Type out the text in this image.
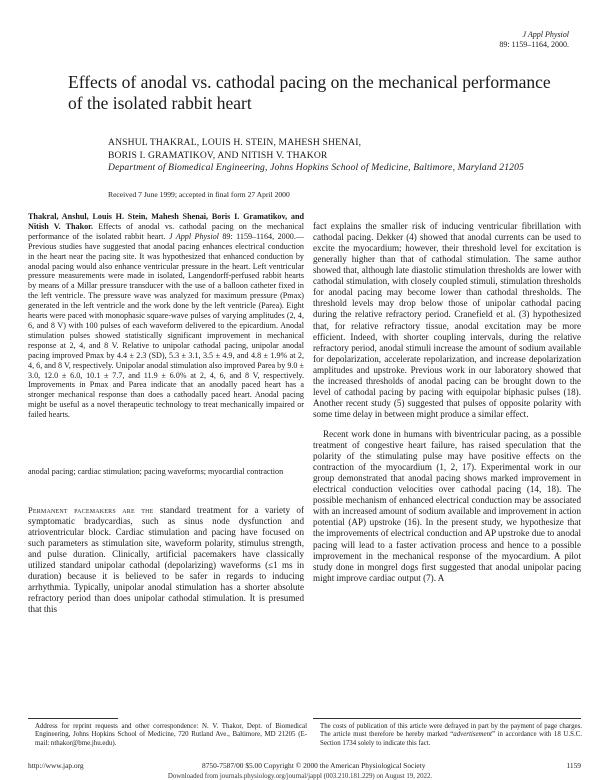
J Appl Physiol
89: 1159–1164, 2000.
Effects of anodal vs. cathodal pacing on the mechanical performance of the isolated rabbit heart
ANSHUL THAKRAL, LOUIS H. STEIN, MAHESH SHENAI,
BORIS I. GRAMATIKOV, AND NITISH V. THAKOR
Department of Biomedical Engineering, Johns Hopkins School of Medicine, Baltimore, Maryland 21205
Received 7 June 1999; accepted in final form 27 April 2000

Thakral, Anshul, Louis H. Stein, Mahesh Shenai, Boris I. Gramatikov, and Nitish V. Thakor. Effects of anodal vs. cathodal pacing on the mechanical performance of the isolated rabbit heart. J Appl Physiol 89: 1159–1164, 2000.—Previous studies have suggested that anodal pacing enhances electrical conduction in the heart near the pacing site. It was hypothesized that enhanced conduction by anodal pacing would also enhance ventricular pressure in the heart. Left ventricular pressure measurements were made in isolated, Langendorff-perfused rabbit hearts by means of a Millar pressure transducer with the use of a balloon catheter fixed in the left ventricle. The pressure wave was analyzed for maximum pressure (Pmax) generated in the left ventricle and the work done by the left ventricle (Parea). Eight hearts were paced with monophasic square-wave pulses of varying amplitudes (2, 4, 6, and 8 V) with 100 pulses of each waveform delivered to the epicardium. Anodal stimulation pulses showed statistically significant improvement in mechanical response at 2, 4, and 8 V. Relative to unipolar cathodal pacing, unipolar anodal pacing improved Pmax by 4.4 ± 2.3 (SD), 5.3 ± 3.1, 3.5 ± 4.9, and 4.8 ± 1.9% at 2, 4, 6, and 8 V, respectively. Unipolar anodal stimulation also improved Parea by 9.0 ± 3.0, 12.0 ± 6.0, 10.1 ± 7.7, and 11.9 ± 6.0% at 2, 4, 6, and 8 V, respectively. Improvements in Pmax and Parea indicate that an anodally paced heart has a stronger mechanical response than does a cathodally paced heart. Anodal pacing might be useful as a novel therapeutic technology to treat mechanically impaired or failed hearts.

anodal pacing; cardiac stimulation; pacing waveforms; myocardial contraction
Permanent pacemakers are the standard treatment for a variety of symptomatic bradycardias, such as sinus node dysfunction and atrioventricular block. Cardiac stimulation and pacing have focused on such parameters as stimulation site, waveform polarity, stimulus strength, and pulse duration. Clinically, artificial pacemakers have classically utilized standard unipolar cathodal (depolarizing) waveforms (≤1 ms in duration) because it is believed to be safer in regards to inducing arrhythmia. Typically, unipolar anodal stimulation has a shorter absolute refractory period than does unipolar cathodal stimulation. It is presumed that this

fact explains the smaller risk of inducing ventricular fibrillation with cathodal pacing. Dekker (4) showed that anodal currents can be used to excite the myocardium; however, their threshold level for excitation is generally higher than that of cathodal stimulation. The same author showed that, although late diastolic stimulation thresholds are lower with cathodal stimulation, with closely coupled stimuli, stimulation thresholds for anodal pacing may become lower than cathodal thresholds. The threshold levels may drop below those of unipolar cathodal pacing during the relative refractory period. Cranefield et al. (3) hypothesized that, for relative refractory tissue, anodal excitation may be more efficient. Indeed, with shorter coupling intervals, during the relative refractory period, anodal stimuli increase the amount of sodium available for depolarization, accelerate repolarization, and increase depolarization amplitudes and upstroke. Previous work in our laboratory showed that the increased thresholds of anodal pacing can be brought down to the level of cathodal pacing by pacing with equipolar biphasic pulses (18). Another recent study (5) suggested that pulses of opposite polarity with some time delay in between might produce a similar effect.

Recent work done in humans with biventricular pacing, as a possible treatment of congestive heart failure, has raised speculation that the polarity of the stimulating pulse may have positive effects on the contraction of the myocardium (1, 2, 17). Experimental work in our group demonstrated that anodal pacing shows marked improvement in electrical conduction velocities over cathodal pacing (14, 18). The possible mechanism of enhanced electrical conduction may be associated with an increased amount of sodium available and improvement in action potential (AP) upstroke (16). In the present study, we hypothesize that the improvements of electrical conduction and AP upstroke due to anodal pacing will lead to a faster activation process and hence to a possible improvement in the mechanical response of the myocardium. A pilot study done in mongrel dogs first suggested that anodal unipolar pacing might improve cardiac output (7). A

Address for reprint requests and other correspondence: N. V. Thakor, Dept. of Biomedical Engineering, Johns Hopkins School of Medicine, 720 Rutland Ave., Baltimore, MD 21205 (E-mail: nthakor@bme.jhu.edu).
The costs of publication of this article were defrayed in part by the payment of page charges. The article must therefore be hereby marked “advertisement” in accordance with 18 U.S.C. Section 1734 solely to indicate this fact.
http://www.jap.org	8750-7587/00 $5.00 Copyright © 2000 the American Physiological Society	1159
Downloaded from journals.physiology.org/journal/jappl (003.210.181.229) on August 19, 2022.
